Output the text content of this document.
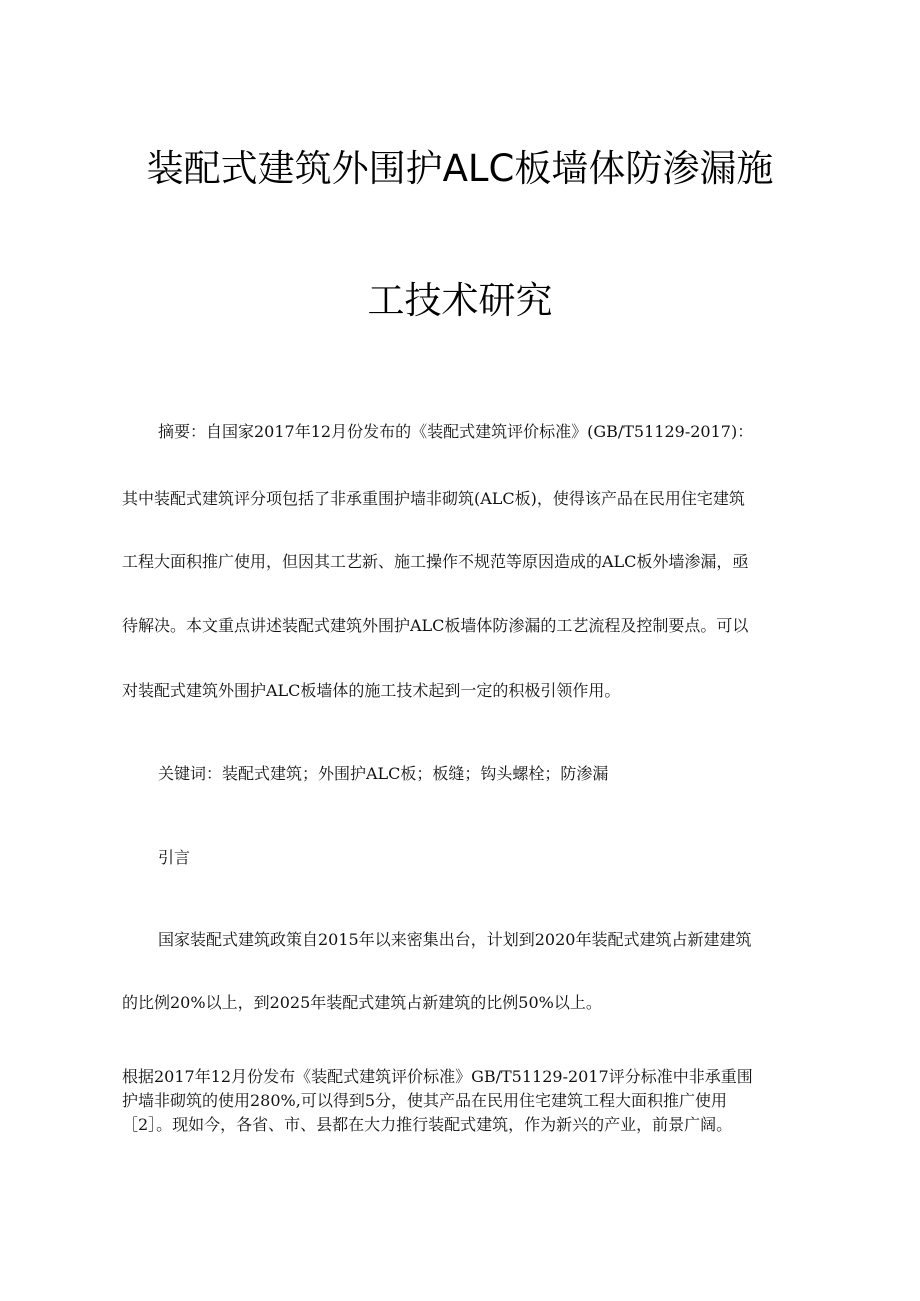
装配式建筑外围护ALC板墙体防渗漏施
工技术研究
摘要：自国家2017年12月份发布的《装配式建筑评价标准》(GB/T51129-2017)：
其中装配式建筑评分项包括了非承重围护墙非砌筑(ALC板)，使得该产品在民用住宅建筑
工程大面积推广使用，但因其工艺新、施工操作不规范等原因造成的ALC板外墙渗漏，亟
待解决。本文重点讲述装配式建筑外围护ALC板墙体防渗漏的工艺流程及控制要点。可以
对装配式建筑外围护ALC板墙体的施工技术起到一定的积极引领作用。
关键词：装配式建筑；外围护ALC板；板缝；钩头螺栓；防渗漏
引言
国家装配式建筑政策自2015年以来密集出台，计划到2020年装配式建筑占新建建筑
的比例20%以上，到2025年装配式建筑占新建筑的比例50%以上。
根据2017年12月份发布《装配式建筑评价标准》GB/T51129-2017评分标准中非承重围
护墙非砌筑的使用280%,可以得到5分，使其产品在民用住宅建筑工程大面积推广使用
［2］。现如今，各省、市、县都在大力推行装配式建筑，作为新兴的产业，前景广阔。
